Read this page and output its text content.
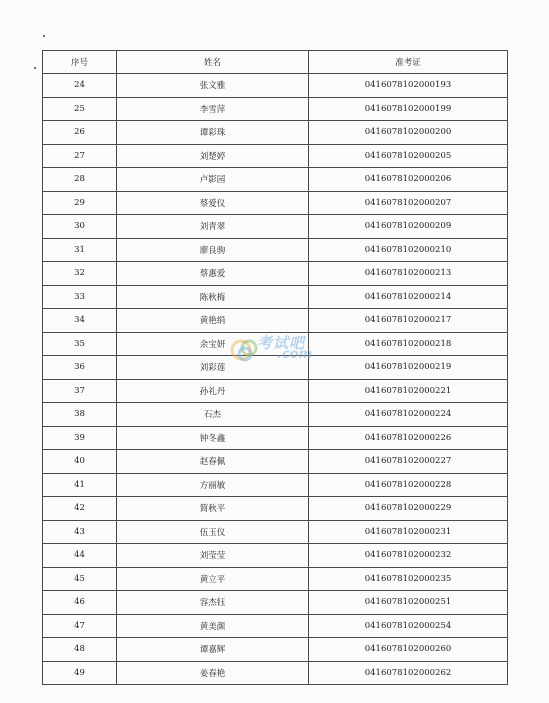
序号	姓名	准考证
24	张文雅	0416078102000193
25	李雪萍	0416078102000199
26	谭彩珠	0416078102000200
27	刘楚婷	0416078102000205
28	卢影园	0416078102000206
29	蔡爱仪	0416078102000207
30	刘青翠	0416078102000209
31	廖良驹	0416078102000210
32	蔡惠爱	0416078102000213
33	陈秋梅	0416078102000214
34	黄艳绢	0416078102000217
35	余宝妍	0416078102000218
36	刘彩莲	0416078102000219
37	孙礼丹	0416078102000221
38	石杰	0416078102000224
39	钟冬鑫	0416078102000226
40	赵春佩	0416078102000227
41	方丽敏	0416078102000228
42	简秋平	0416078102000229
43	伍玉仪	0416078102000231
44	刘莹莹	0416078102000232
45	黄立平	0416078102000235
46	容杰钰	0416078102000251
47	黄美颜	0416078102000254
48	谭嘉辉	0416078102000260
49	姜春艳	0416078102000262
考试吧
.com
